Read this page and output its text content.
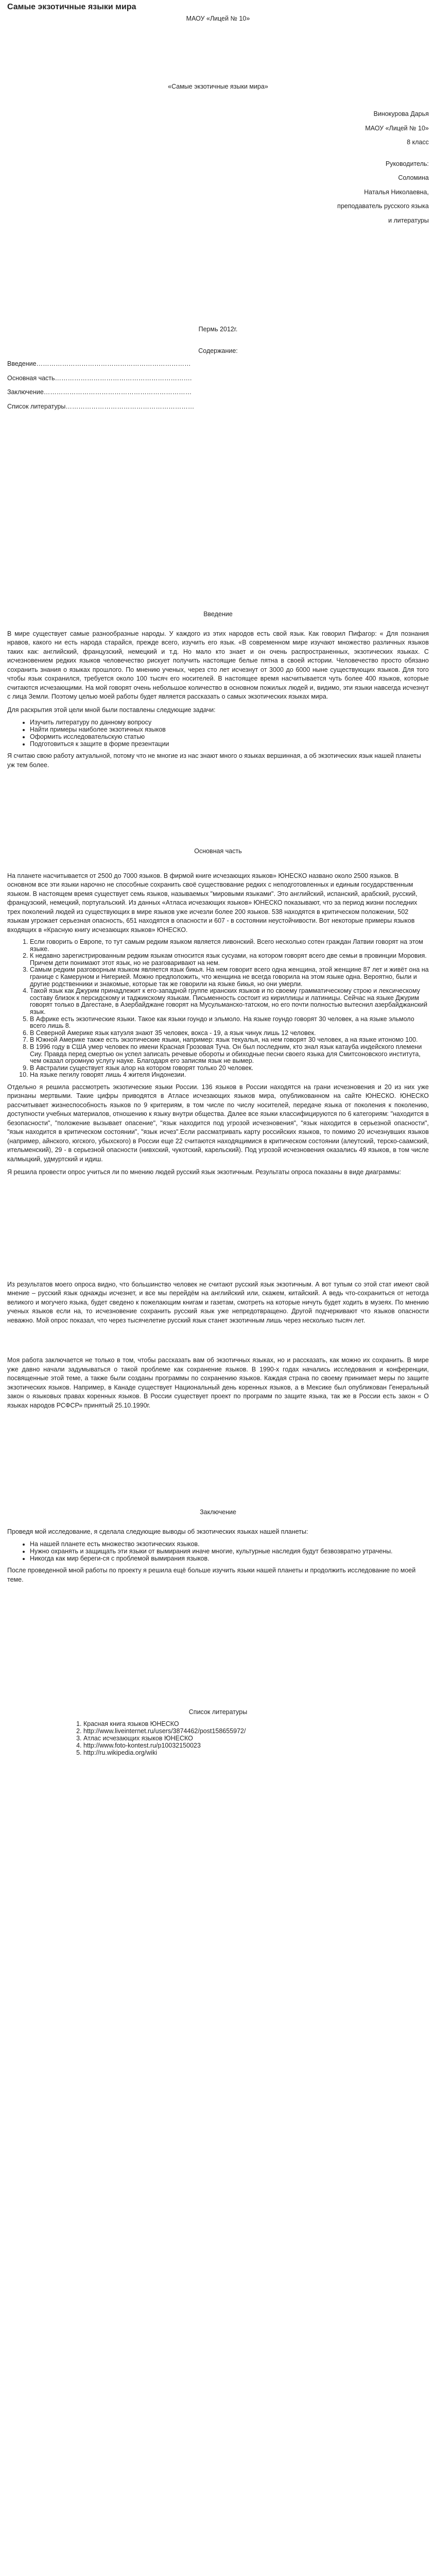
Самые экзотичные языки мира
МАОУ «Лицей № 10»
«Самые экзотичные языки мира»
Винокурова Дарья
МАОУ «Лицей № 10»
8 класс
Руководитель:
Соломина
Наталья Николаевна,
преподаватель русского языка
и литературы
Пермь 2012г.
Содержание:
Введение………………………………………………………………
Основная часть……………………………………………………….
Заключение……………………………………………………………
Список литературы……………………………………………………
Введение

В мире существует самые разнообразные народы. У каждого из этих народов есть свой язык. Как говорил Пифагор: « Для познания нравов, какого ни есть народа старайся, прежде всего, изучить его язык. «В современном мире изучают множество различных языков таких как: английский, французский, немецкий и т.д. Но мало кто знает и он очень распространенных, экзотических языках. С исчезновением редких языков человечество рискует получить настоящие белые пятна в своей истории. Человечество просто обязано сохранить знания о языках прошлого. По мнению ученых, через сто лет исчезнут от 3000 до 6000 ныне существующих языков. Для того чтобы язык сохранился, требуется около 100 тысяч его носителей. В настоящее время насчитывается чуть более 400 языков, которые считаются исчезающими. На мой говорят очень небольшое количество в основном пожилых людей и, видимо, эти языки навсегда исчезнут с лица Земли. Поэтому целью моей работы будет является рассказать о самых экзотических языках мира.

Для раскрытия этой цели мной были поставлены следующие задачи:

• Изучить литературу по данному вопросу
• Найти примеры наиболее экзотичных языков
• Оформить исследовательскую статью
• Подготовиться к защите в форме презентации

Я считаю свою работу актуальной, потому что не многие из нас знают много о языках вершинная, а об экзотических язык нашей планеты уж тем более.

Основная часть

На планете насчитывается от 2500 до 7000 языков. В фирмой книге исчезающих языков» ЮНЕСКО названо около 2500 языков. В основном все эти языки нарочно не способные сохранить своё существование редких с неподготовленных и единым государственным языком. В настоящем время существует семь языков, называемых "мировыми языками". Это английский, испанский, арабский, русский, французский, немецкий, португальский. Из данных «Атласа исчезающих языков» ЮНЕСКО показывают, что за период жизни последних трех поколений людей из существующих в мире языков уже исчезли более 200 языков. 538 находятся в критическом положении, 502 языкам угрожает серьезная опасность, 651 находятся в опасности и 607 - в состоянии неустойчивости. Вот некоторые примеры языков входящих в «Красную книгу исчезающих языков» ЮНЕСКО.

1. Если говорить о Европе, то тут самым редким языком является ливонский. Всего несколько сотен граждан Латвии говорят на этом языке.
2. К недавно зарегистрированным редким языкам относится язык сусуами, на котором говорят всего две семьи в провинции Моровия. Причем дети понимают этот язык, но не разговаривают на нем.
3. Самым редким разговорным языком является язык бикья. На нем говорит всего одна женщина, этой женщине 87 лет и живёт она на границе с Камеруном и Нигерией. Можно предположить, что женщина не всегда говорила на этом языке одна. Вероятно, были и другие родственники и знакомые, которые так же говорили на языке бикья, но они умерли.
4. Такой язык как Джурим принадлежит к его-западной группе иранских языков и по своему грамматическому строю и лексическому составу близок к персидскому и таджикскому языкам. Письменность состоит из кириллицы и латиницы. Сейчас на языке Джурим говорят только в Дагестане, в Азербайджане говорят на Мусульманско-татском, но его почти полностью вытеснил азербайджанский язык.
5. В Африке есть экзотические языки. Такое как языки гоундо и эльмоло. На языке гоундо говорят 30 человек, а на языке эльмоло всего лишь 8.
6. В Северной Америке язык катуэля знают 35 человек, вокса - 19, а язык чинук лишь 12 человек.
7. В Южной Америке также есть экзотические языки, например: язык текуалья, на нем говорят 30 человек, а на языке итономо 100.
8. В 1996 году в США умер человек по имени Красная Грозовая Туча. Он был последним, кто знал язык катауба индейского племени Сиу. Правда перед смертью он успел записать речевые обороты и обиходные песни своего языка для Смитсоновского института, чем оказал огромную услугу науке. Благодаря его записям язык не вымер.
9. В Австралии существует язык алор на котором говорят только 20 человек.
10. На языке пегилу говорят лишь 4 жителя Индонезии.

Отдельно я решила рассмотреть экзотические языки России. 136 языков в России находятся на грани исчезновения и 20 из них уже признаны мертвыми. Такие цифры приводятся в Атласе исчезающих языков мира, опубликованном на сайте ЮНЕСКО. ЮНЕСКО рассчитывает жизнеспособность языков по 9 критериям, в том числе по числу носителей, передаче языка от поколения к поколению, доступности учебных материалов, отношению к языку внутри общества. Далее все языки классифицируются по 6 категориям: "находится в безопасности", "положение вызывает опасение", "язык находится под угрозой исчезновения", "язык находится в серьезной опасности", "язык находится в критическом состоянии", "язык исчез".Если рассматривать карту российских языков, то помимо 20 исчезнувших языков (например, айнского, югского, убыхского) в России еще 22 считаются находящимися в критическом состоянии (алеутский, терско-саамский, ительменский), 29 - в серьезной опасности (нивхский, чукотский, карельский). Под угрозой исчезновения оказались 49 языков, в том числе калмыцкий, удмуртский и идиш.

Я решила провести опрос учиться ли по мнению людей русский язык экзотичным. Результаты опроса показаны в виде диаграммы:

Из результатов моего опроса видно, что большинство человек не считают русский язык экзотичным. А вот тупым со этой стат имеют свой мнение – русский язык однажды исчезнет, и все мы перейдём на английский или, скажем, китайский. А ведь что-сохраниться от нетогда великого и могучего языка, будет сведено к пожелающим книгам и газетам, смотреть на которые ничуть будет ходить в музеях. По мнению ученых языков если на, то исчезновение сохранить русский язык уже непредотвращено. Другой подчеркивают что языков опасности неважно. Мой опрос показал, что через тысячелетие русский язык станет экзотичным лишь через несколько тысяч лет.

Моя работа заключается не только в том, чтобы рассказать вам об экзотичных языках, но и рассказать, как можно их сохранить. В мире уже давно начали задумываться о такой проблеме как сохранение языков. В 1990-х годах начались исследования и конференции, посвященные этой теме, а также были созданы программы по сохранению языков. Каждая страна по своему принимает меры по защите экзотических языков. Например, в Канаде существует Национальный день коренных языков, а в Мексике был опубликован Генеральный закон о языковых правах коренных языков. В России существует проект по программ по защите языка, так же в России есть закон « О языках народов РСФСР» принятый 25.10.1990г.

Заключение

Проведя мой исследование, я сделала следующие выводы об экзотических языках нашей планеты:

• На нашей планете есть множество экзотических языков.
• Нужно охранять и защищать эти языки от вымирания иначе многие, культурные наследия будут безвозвратно утрачены.
• Никогда как мир береги-ся с проблемой вымирания языков.

После проведенной мной работы по проекту я решила ещё больше изучить языки нашей планеты и продолжить исследование по моей теме.

Список литературы
1. Красная книга языков ЮНЕСКО
2. http://www.liveinternet.ru/users/3874462/post158655972/
3. Атлас исчезающих языков ЮНЕСКО
4. http://www.foto-kontest.ru/p10032150023
5. http://ru.wikipedia.org/wiki
